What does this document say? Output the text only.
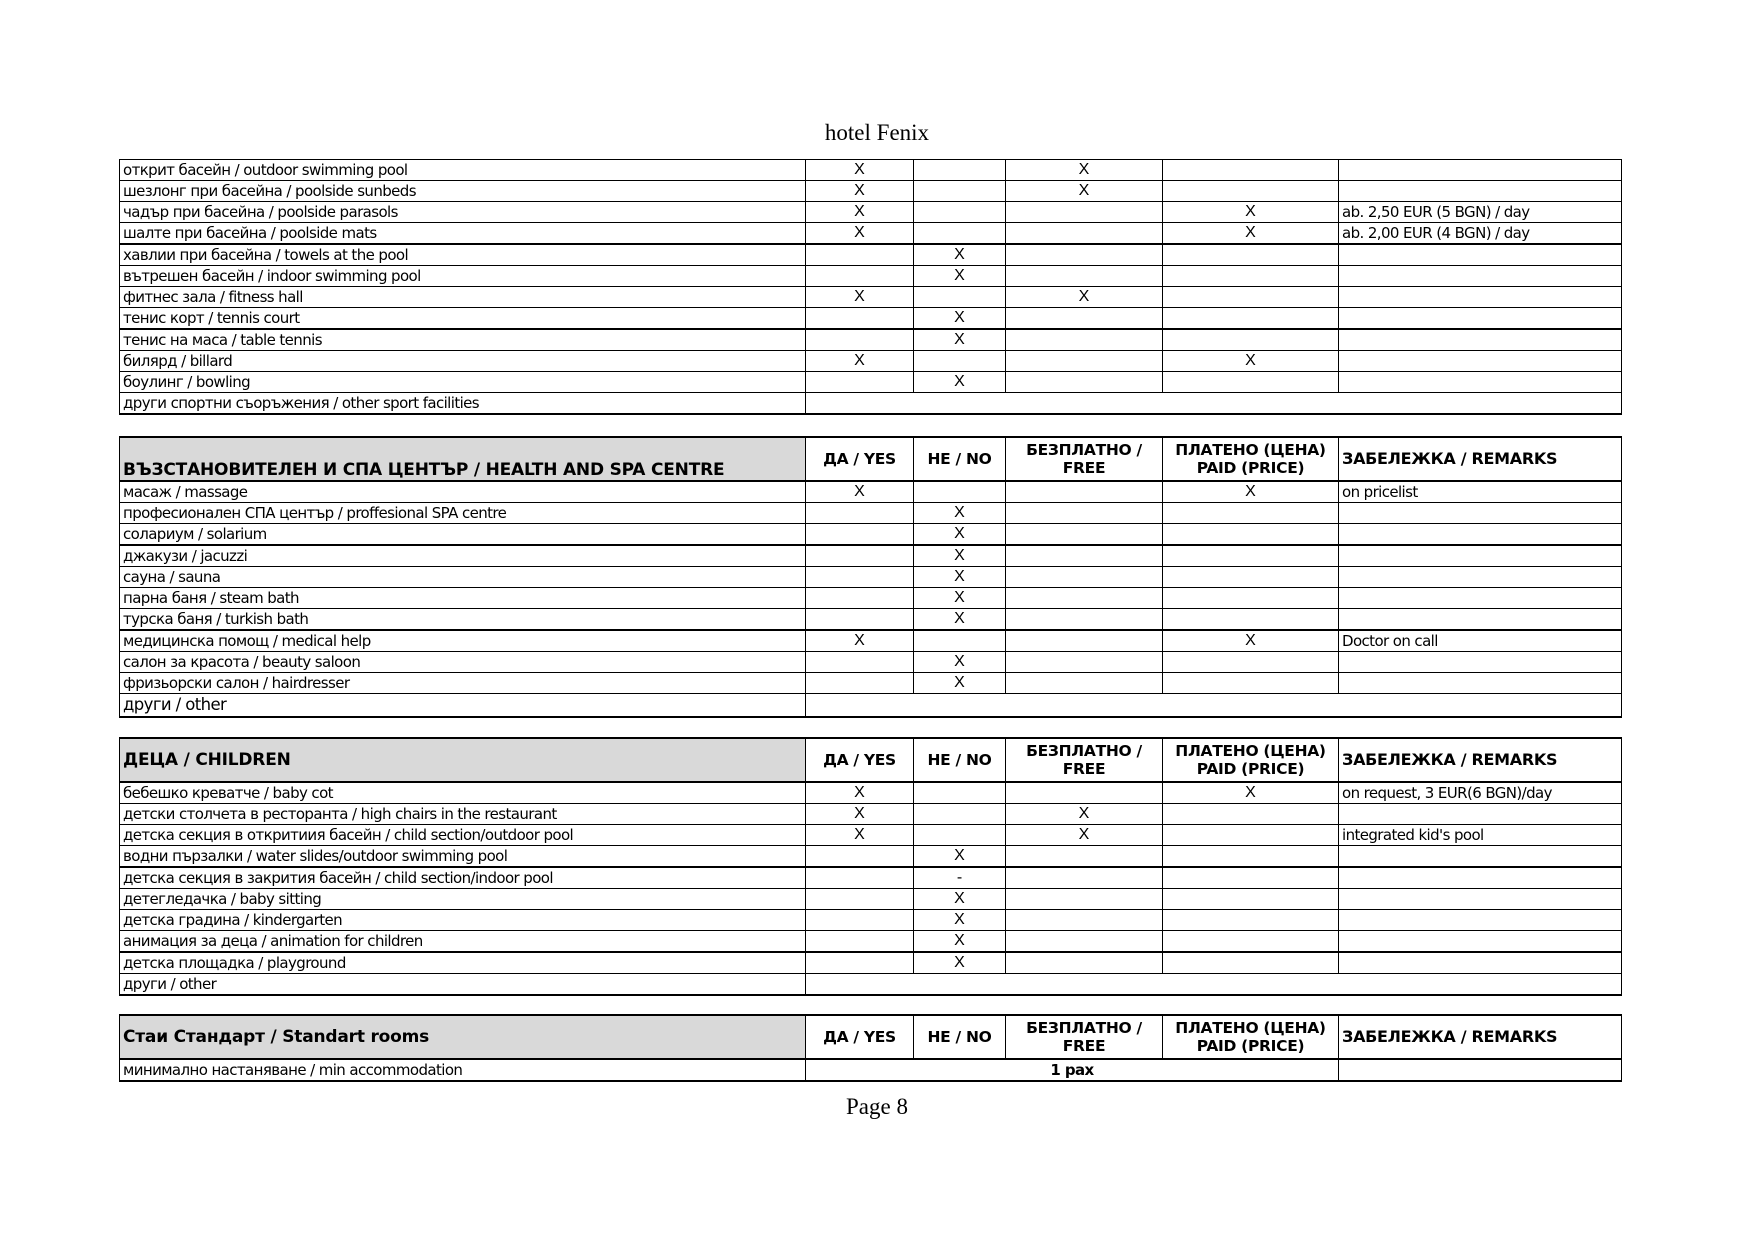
hotel Fenix
открит басейн / outdoor swimming pool	X		X		
шезлонг при басейна / poolside sunbeds	X		X		
чадър при басейна / poolside parasols	X			X	ab. 2,50 EUR (5 BGN) / day
шалте при басейна / poolside mats	X			X	ab. 2,00 EUR (4 BGN) / day
хавлии при басейна / towels at the pool		X			
вътрешен басейн / indoor swimming pool		X			
фитнес зала / fitness hall	X		X		
тенис корт / tennis court		X			
тенис на маса / table tennis		X			
билярд / billard	X			X	
боулинг / bowling		X			
други спортни съоръжения / other sport facilities					
ВЪЗСТАНОВИТЕЛЕН И СПА ЦЕНТЪР / HEALTH AND SPA CENTRE	ДА / YES	НЕ / NO	БЕЗПЛАТНО / FREE	ПЛАТЕНО (ЦЕНА) PAID (PRICE)	ЗАБЕЛЕЖКА / REMARKS
масаж / massage	X			X	on pricelist
професионален СПА център / proffesional SPA centre		X			
солариум / solarium		X			
джакузи / jacuzzi		X			
сауна / sauna		X			
парна баня / steam bath		X			
турска баня / turkish bath		X			
медицинска помощ / medical help	X			X	Doctor on call
салон за красота / beauty saloon		X			
фризьорски салон / hairdresser		X			
други / other					
ДЕЦА / CHILDREN	ДА / YES	НЕ / NO	БЕЗПЛАТНО / FREE	ПЛАТЕНО (ЦЕНА) PAID (PRICE)	ЗАБЕЛЕЖКА / REMARKS
бебешко креватче / baby cot	X			X	on request, 3 EUR(6 BGN)/day
детски столчета в ресторанта / high chairs in the restaurant	X		X		
детска секция в откритиия басейн / child section/outdoor pool	X		X		integrated kid's pool
водни пързалки / water slides/outdoor swimming pool		X			
детска секция в закрития басейн / child section/indoor pool		-			
детегледачка / baby sitting		X			
детска градина / kindergarten		X			
анимация за деца / animation for children		X			
детска площадка / playground		X			
други / other					
Стаи Стандарт / Standart rooms	ДА / YES	НЕ / NO	БЕЗПЛАТНО / FREE	ПЛАТЕНО (ЦЕНА) PAID (PRICE)	ЗАБЕЛЕЖКА / REMARKS
минимално настаняване / min accommodation	1 pax				
Page 8
